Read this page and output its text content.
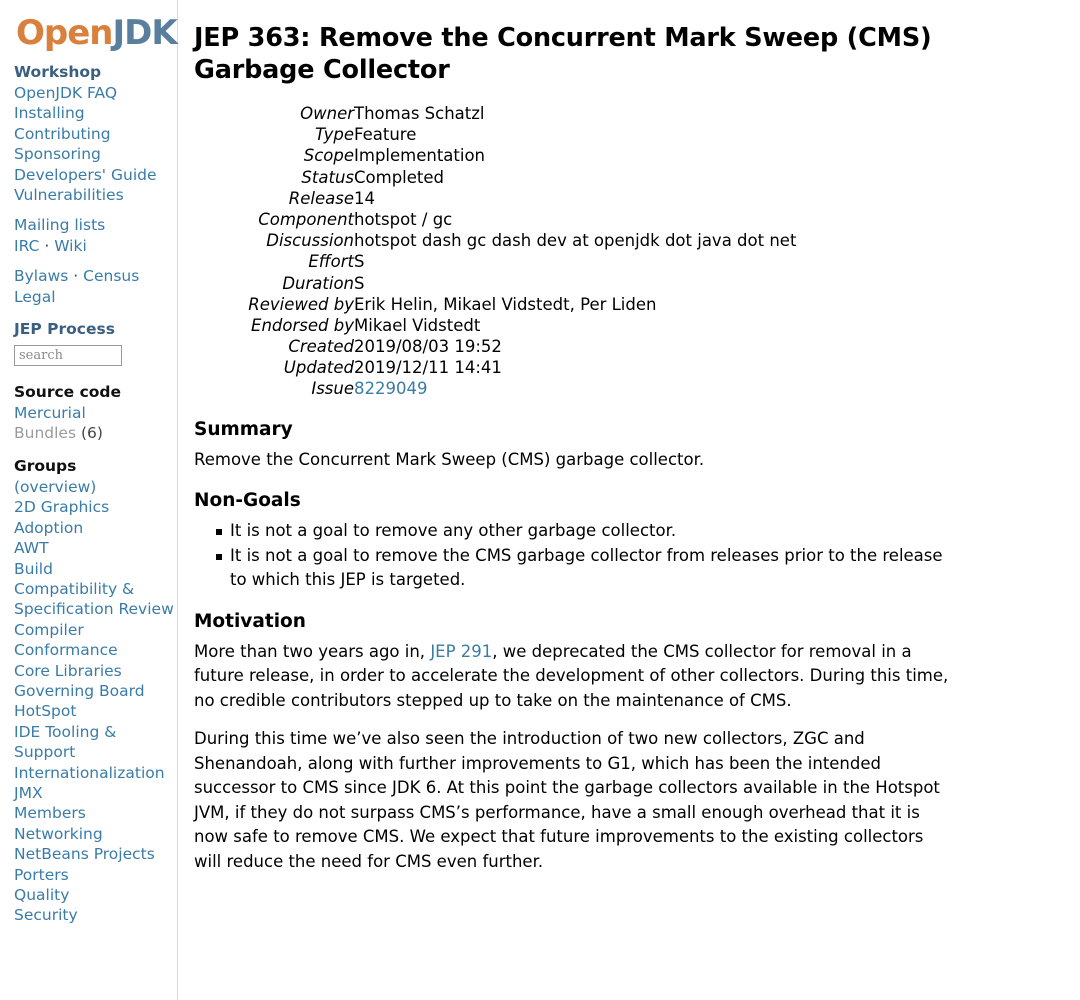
OpenJDK
Workshop
OpenJDK FAQ
Installing
Contributing
Sponsoring
Developers' Guide
Vulnerabilities
Mailing lists
IRC · Wiki
Bylaws · Census
Legal
JEP Process
search
Source code
Mercurial
Bundles (6)
Groups
(overview)
2D Graphics
Adoption
AWT
Build
Compatibility & Specification Review
Compiler
Conformance
Core Libraries
Governing Board
HotSpot
IDE Tooling & Support
Internationalization
JMX
Members
Networking
NetBeans Projects
Porters
Quality
Security
JEP 363: Remove the Concurrent Mark Sweep (CMS) Garbage Collector
Owner	Thomas Schatzl
Type	Feature
Scope	Implementation
Status	Completed
Release	14
Component	hotspot / gc
Discussion	hotspot dash gc dash dev at openjdk dot java dot net
Effort	S
Duration	S
Reviewed by	Erik Helin, Mikael Vidstedt, Per Liden
Endorsed by	Mikael Vidstedt
Created	2019/08/03 19:52
Updated	2019/12/11 14:41
Issue	8229049
Summary

Remove the Concurrent Mark Sweep (CMS) garbage collector.

Non-Goals
It is not a goal to remove any other garbage collector.
It is not a goal to remove the CMS garbage collector from releases prior to the release to which this JEP is targeted.
Motivation

More than two years ago in, JEP 291, we deprecated the CMS collector for removal in a future release, in order to accelerate the development of other collectors. During this time, no credible contributors stepped up to take on the maintenance of CMS.

During this time we’ve also seen the introduction of two new collectors, ZGC and Shenandoah, along with further improvements to G1, which has been the intended successor to CMS since JDK 6. At this point the garbage collectors available in the Hotspot JVM, if they do not surpass CMS’s performance, have a small enough overhead that it is now safe to remove CMS. We expect that future improvements to the existing collectors will reduce the need for CMS even further.
